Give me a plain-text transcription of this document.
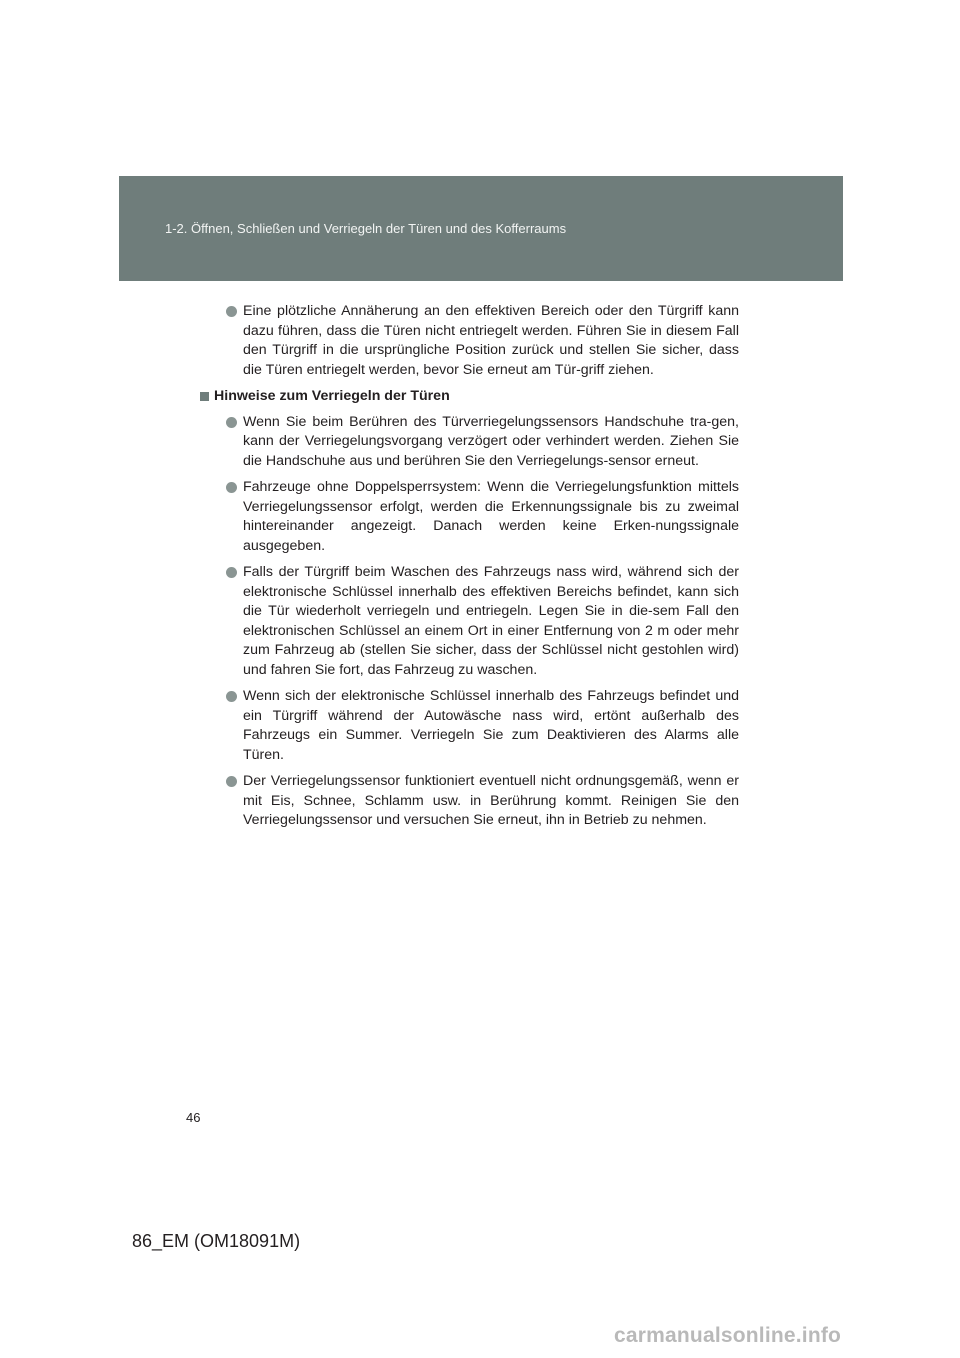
1-2. Öffnen, Schließen und Verriegeln der Türen und des Kofferraums
Eine plötzliche Annäherung an den effektiven Bereich oder den Türgriff kann dazu führen, dass die Türen nicht entriegelt werden. Führen Sie in diesem Fall den Türgriff in die ursprüngliche Position zurück und stellen Sie sicher, dass die Türen entriegelt werden, bevor Sie erneut am Tür-griff ziehen.
Hinweise zum Verriegeln der Türen
Wenn Sie beim Berühren des Türverriegelungssensors Handschuhe tra-gen, kann der Verriegelungsvorgang verzögert oder verhindert werden. Ziehen Sie die Handschuhe aus und berühren Sie den Verriegelungs-sensor erneut.
Fahrzeuge ohne Doppelsperrsystem: Wenn die Verriegelungsfunktion mittels Verriegelungssensor erfolgt, werden die Erkennungssignale bis zu zweimal hintereinander angezeigt. Danach werden keine Erken-nungssignale ausgegeben.
Falls der Türgriff beim Waschen des Fahrzeugs nass wird, während sich der elektronische Schlüssel innerhalb des effektiven Bereichs befindet, kann sich die Tür wiederholt verriegeln und entriegeln. Legen Sie in die-sem Fall den elektronischen Schlüssel an einem Ort in einer Entfernung von 2 m oder mehr zum Fahrzeug ab (stellen Sie sicher, dass der Schlüssel nicht gestohlen wird) und fahren Sie fort, das Fahrzeug zu waschen.
Wenn sich der elektronische Schlüssel innerhalb des Fahrzeugs befindet und ein Türgriff während der Autowäsche nass wird, ertönt außerhalb des Fahrzeugs ein Summer. Verriegeln Sie zum Deaktivieren des Alarms alle Türen.
Der Verriegelungssensor funktioniert eventuell nicht ordnungsgemäß, wenn er mit Eis, Schnee, Schlamm usw. in Berührung kommt. Reinigen Sie den Verriegelungssensor und versuchen Sie erneut, ihn in Betrieb zu nehmen.
46
86_EM (OM18091M)
carmanualsonline.info
